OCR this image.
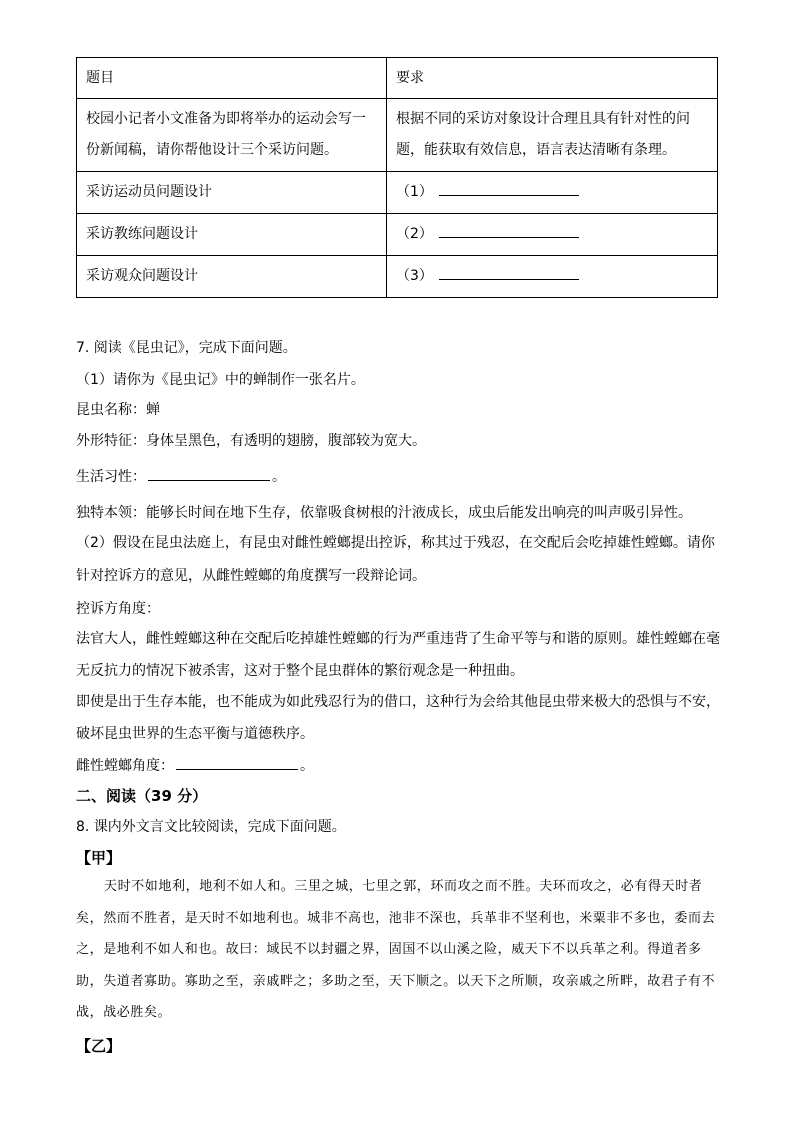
题目	要求
校园小记者小文准备为即将举办的运动会写一份新闻稿，请你帮他设计三个采访问题。	根据不同的采访对象设计合理且具有针对性的问题，能获取有效信息，语言表达清晰有条理。
采访运动员问题设计	（1）
采访教练问题设计	（2）
采访观众问题设计	（3）
7. 阅读《昆虫记》，完成下面问题。
（1）请你为《昆虫记》中的蝉制作一张名片。
昆虫名称：蝉
外形特征：身体呈黑色，有透明的翅膀，腹部较为宽大。
生活习性：	。
独特本领：能够长时间在地下生存，依靠吸食树根的汁液成长，成虫后能发出响亮的叫声吸引异性。
（2）假设在昆虫法庭上，有昆虫对雌性螳螂提出控诉，称其过于残忍，在交配后会吃掉雄性螳螂。请你针对控诉方的意见，从雌性螳螂的角度撰写一段辩论词。
控诉方角度：
法官大人，雌性螳螂这种在交配后吃掉雄性螳螂的行为严重违背了生命平等与和谐的原则。雄性螳螂在毫无反抗力的情况下被杀害，这对于整个昆虫群体的繁衍观念是一种扭曲。
即使是出于生存本能，也不能成为如此残忍行为的借口，这种行为会给其他昆虫带来极大的恐惧与不安，破坏昆虫世界的生态平衡与道德秩序。
雌性螳螂角度：	。
二、阅读（39 分）
8. 课内外文言文比较阅读，完成下面问题。
【甲】
天时不如地利，地利不如人和。三里之城，七里之郭，环而攻之而不胜。夫环而攻之，必有得天时者矣，然而不胜者，是天时不如地利也。城非不高也，池非不深也，兵革非不坚利也，米粟非不多也，委而去之，是地利不如人和也。故曰：域民不以封疆之界，固国不以山溪之险，威天下不以兵革之利。得道者多助，失道者寡助。寡助之至，亲戚畔之；多助之至，天下顺之。以天下之所顺，攻亲戚之所畔，故君子有不战，战必胜矣。
【乙】
